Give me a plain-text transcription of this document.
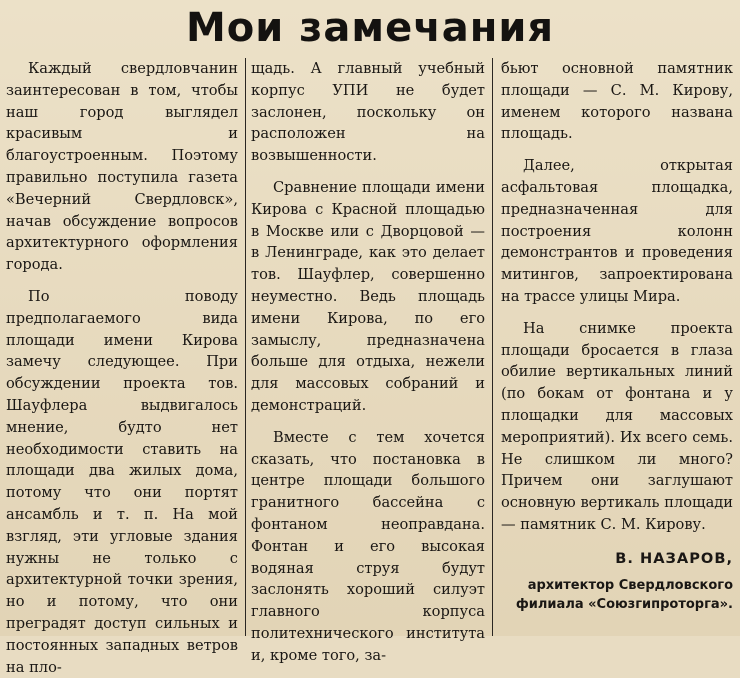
Мои замечания

Каждый свердловчанин заинтересован в том, чтобы наш город выглядел красивым и благоустроенным. Поэтому правильно поступила газета «Вечерний Свердловск», начав обсуждение вопросов архитектурного оформления города.

По поводу предполагаемого вида площади имени Кирова замечу следующее. При обсуждении проекта тов. Шауфлера выдвигалось мнение, будто нет необходимости ставить на площади два жилых дома, потому что они портят ансамбль и т. п. На мой взгляд, эти угловые здания нужны не только с архитектурной точки зрения, но и потому, что они преградят доступ сильных и постоянных западных ветров на пло-

щадь. А главный учебный корпус УПИ не будет заслонен, поскольку он расположен на возвышенности.

Сравнение площади имени Кирова с Красной площадью в Москве или с Дворцовой — в Ленинграде, как это делает тов. Шауфлер, совершенно неуместно. Ведь площадь имени Кирова, по его замыслу, предназначена больше для отдыха, нежели для массовых собраний и демонстраций.

Вместе с тем хочется сказать, что постановка в центре площади большого гранитного бассейна с фонтаном неоправдана. Фонтан и его высокая водяная струя будут заслонять хороший силуэт главного корпуса политехнического института и, кроме того, за-

бьют основной памятник площади — С. М. Кирову, именем которого названа площадь.

Далее, открытая асфальтовая площадка, предназначенная для построения колонн демонстрантов и проведения митингов, запроектирована на трассе улицы Мира.

На снимке проекта площади бросается в глаза обилие вертикальных линий (по бокам от фонтана и у площадки для массовых мероприятий). Их всего семь. Не слишком ли много? Причем они заглушают основную вертикаль площади — памятник С. М. Кирову.

В. НАЗАРОВ,

архитектор Свердловского филиала «Союзгипроторга».
